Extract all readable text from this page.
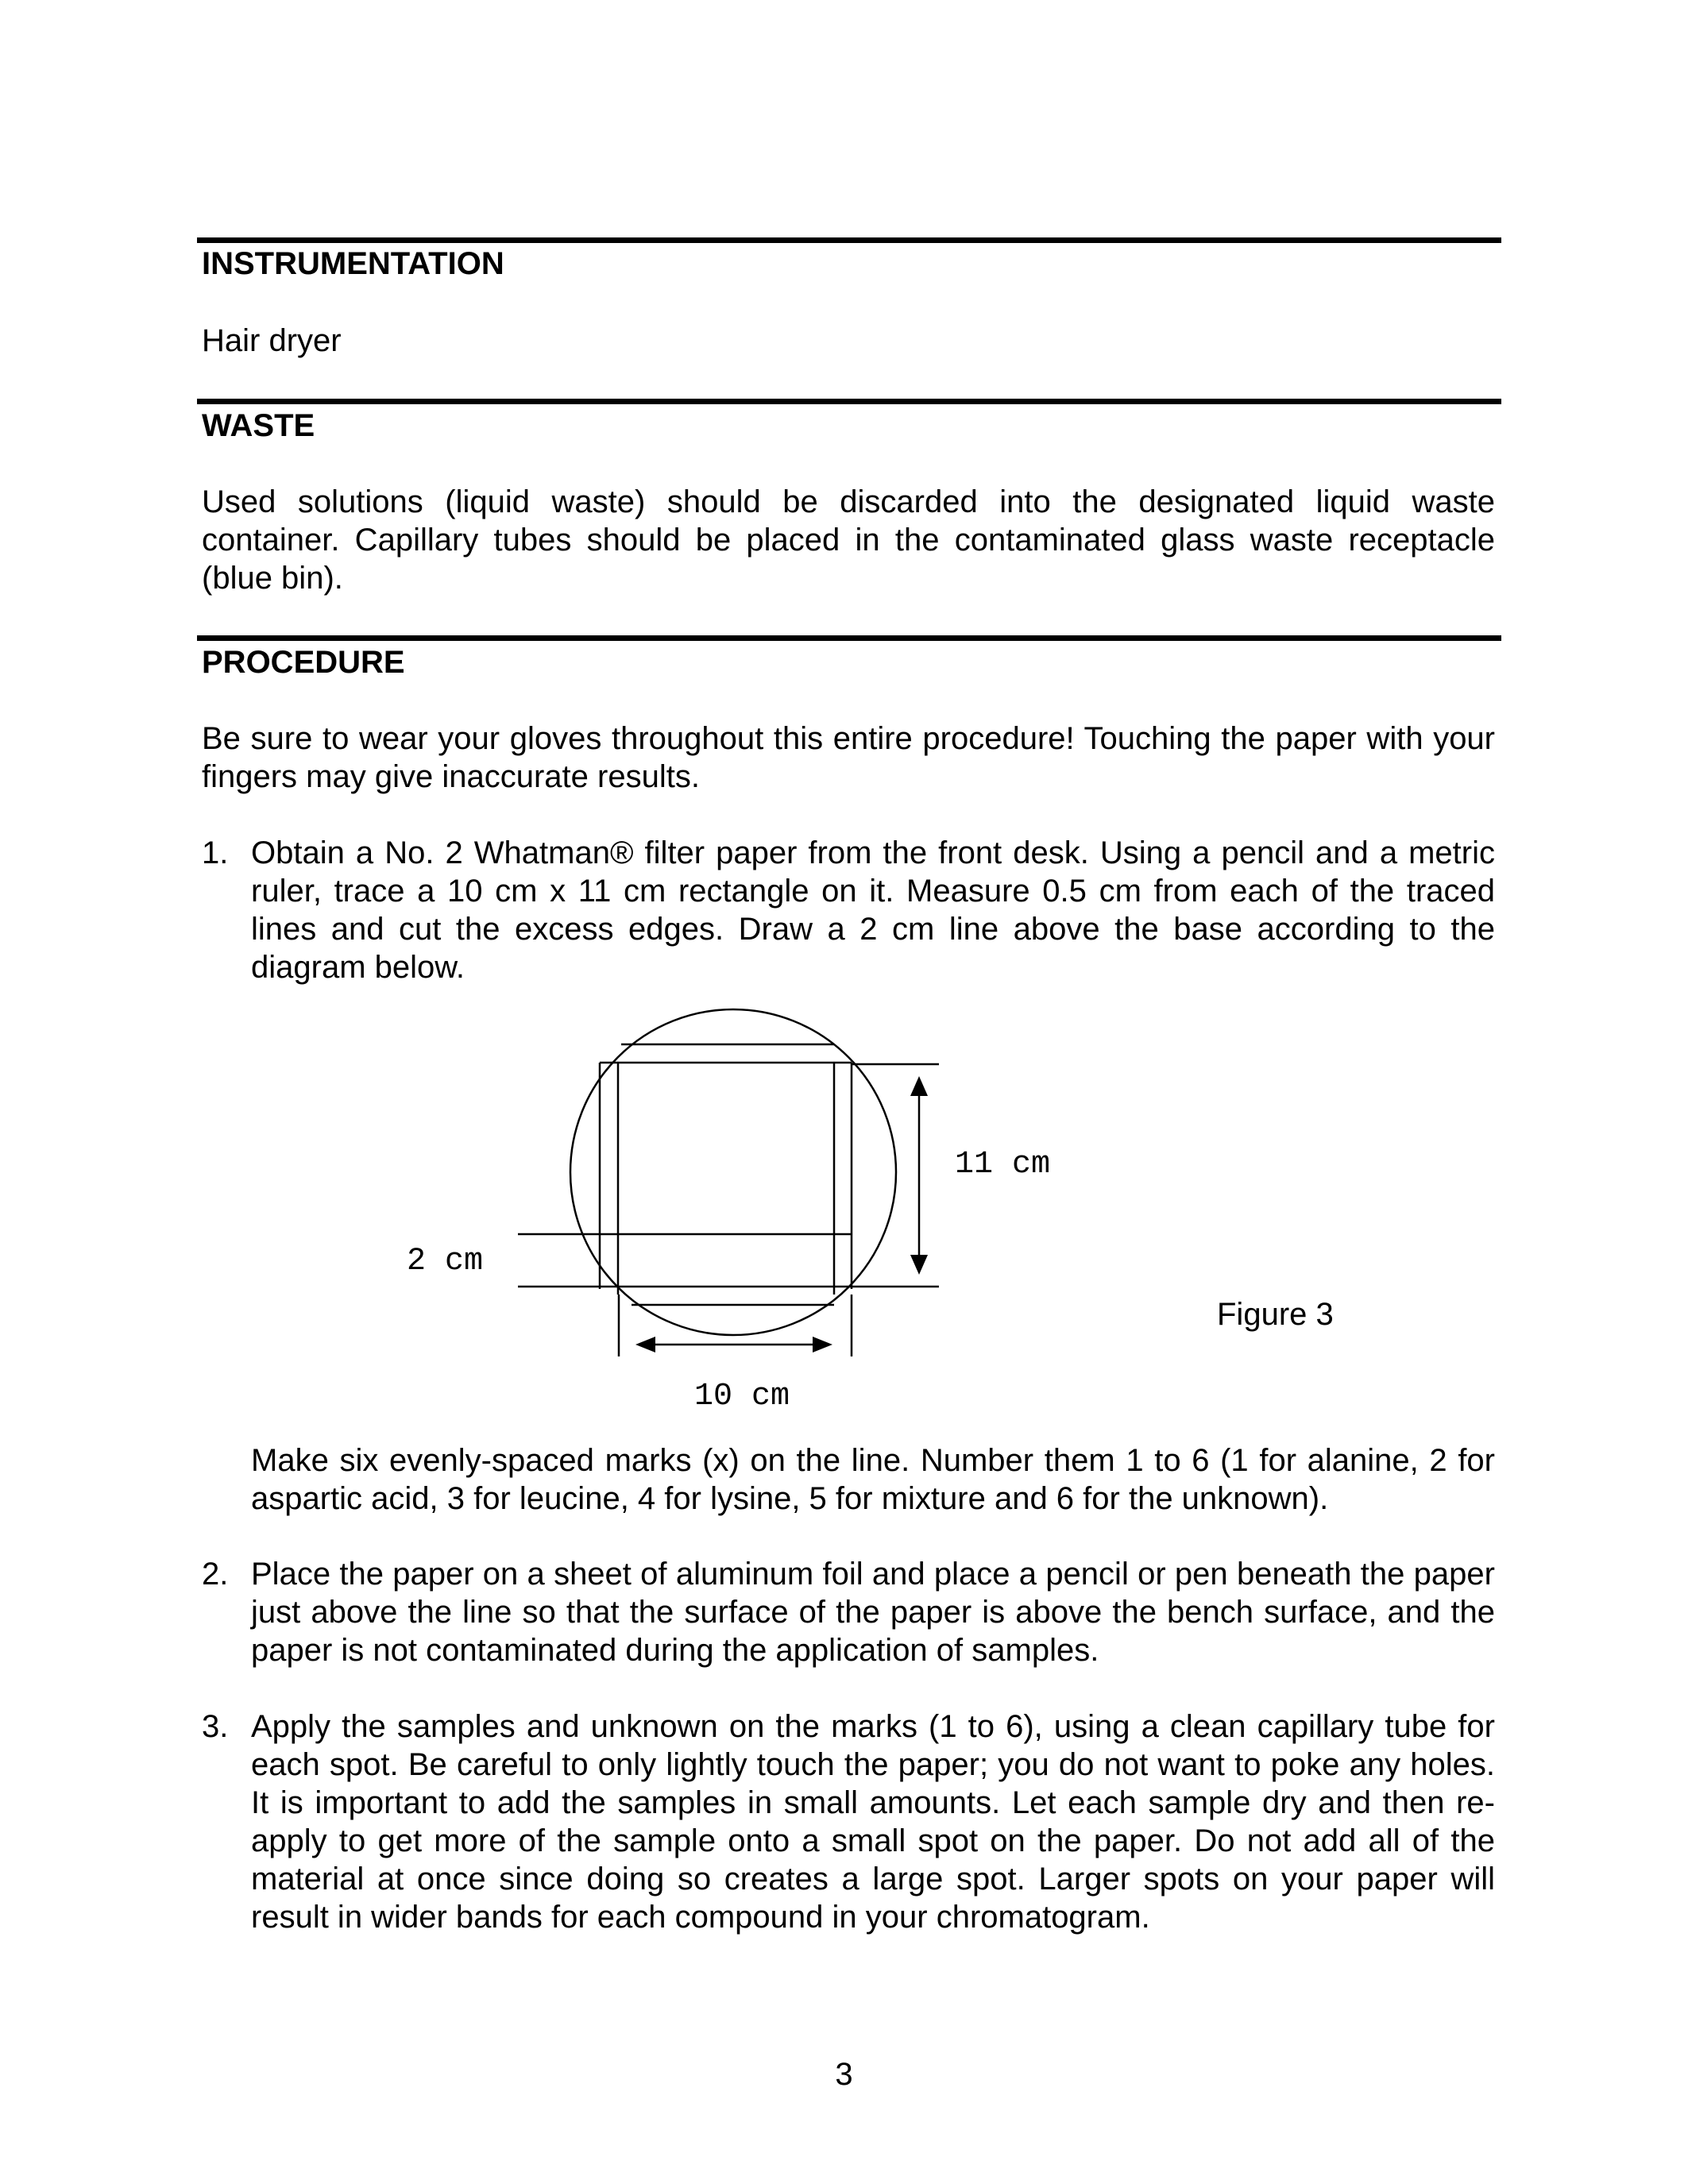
INSTRUMENTATION
Hair dryer
WASTE
Used solutions (liquid waste) should be discarded into the designated liquid waste container. Capillary tubes should be placed in the contaminated glass waste receptacle (blue bin).
PROCEDURE
Be sure to wear your gloves throughout this entire procedure! Touching the paper with your fingers may give inaccurate results.
1. Obtain a No. 2 Whatman® filter paper from the front desk. Using a pencil and a metric ruler, trace a 10 cm x 11 cm rectangle on it. Measure 0.5 cm from each of the traced lines and cut the excess edges. Draw a 2 cm line above the base according to the diagram below.
11 cm
2 cm
10 cm
Figure 3
Make six evenly-spaced marks (x) on the line. Number them 1 to 6 (1 for alanine, 2 for aspartic acid, 3 for leucine, 4 for lysine, 5 for mixture and 6 for the unknown).
2. Place the paper on a sheet of aluminum foil and place a pencil or pen beneath the paper just above the line so that the surface of the paper is above the bench surface, and the paper is not contaminated during the application of samples.
3. Apply the samples and unknown on the marks (1 to 6), using a clean capillary tube for each spot. Be careful to only lightly touch the paper; you do not want to poke any holes. It is important to add the samples in small amounts. Let each sample dry and then re-apply to get more of the sample onto a small spot on the paper. Do not add all of the material at once since doing so creates a large spot. Larger spots on your paper will result in wider bands for each compound in your chromatogram.
3
